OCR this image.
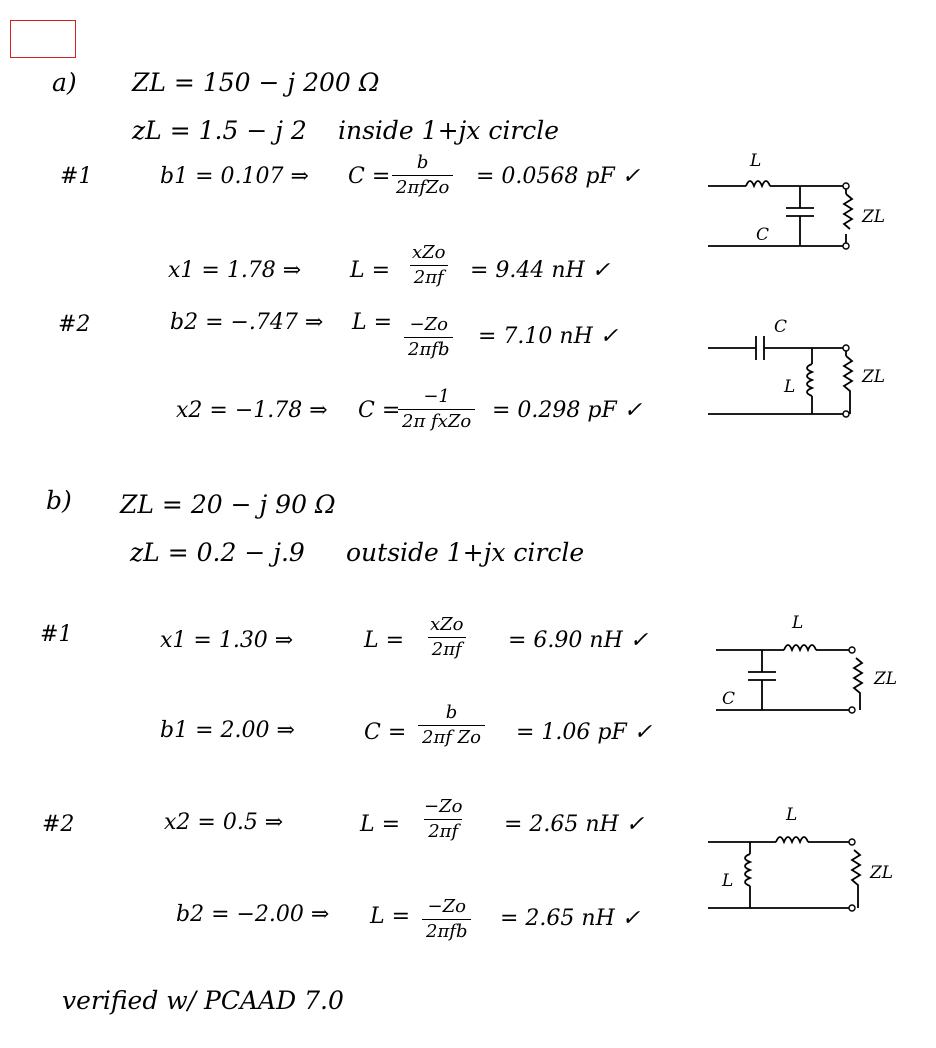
a) ZL = 150 − j 200 Ω
zL = 1.5 − j 2 inside 1+jx circle
#1	b1 = 0.107 ⇒ C =
b
2πfZo = 0.0568 pF ✓
x1 = 1.78 ⇒ L =
xZo
2πf = 9.44 nH ✓
L
C
ZL
#2	b2 = −.747 ⇒ L = −Zo
2πfb
= 7.10 nH ✓
x2 = −1.78 ⇒ C =
−1
2π fxZo = 0.298 pF ✓
C
L	ZL
b) ZL = 20 − j 90 Ω
zL = 0.2 − j.9 outside 1+jx circle
#1	x1 = 1.30 ⇒	L =
xZo
2πf = 6.90 nH ✓
b1 = 2.00 ⇒	$C = \frac{b}{\text{2πf Zo}} = 1.06$ pF ✓
L
C
ZL
#2	x2 = 0.5 ⇒	$L = \frac{-Zo}{2\pi f} = 2.65$ nH ✓
b2 = −2.00 ⇒ L = −Zo
2πfb
= 2.65 nH ✓
L
L	ZL
verified w/ PCAAD 7.0
